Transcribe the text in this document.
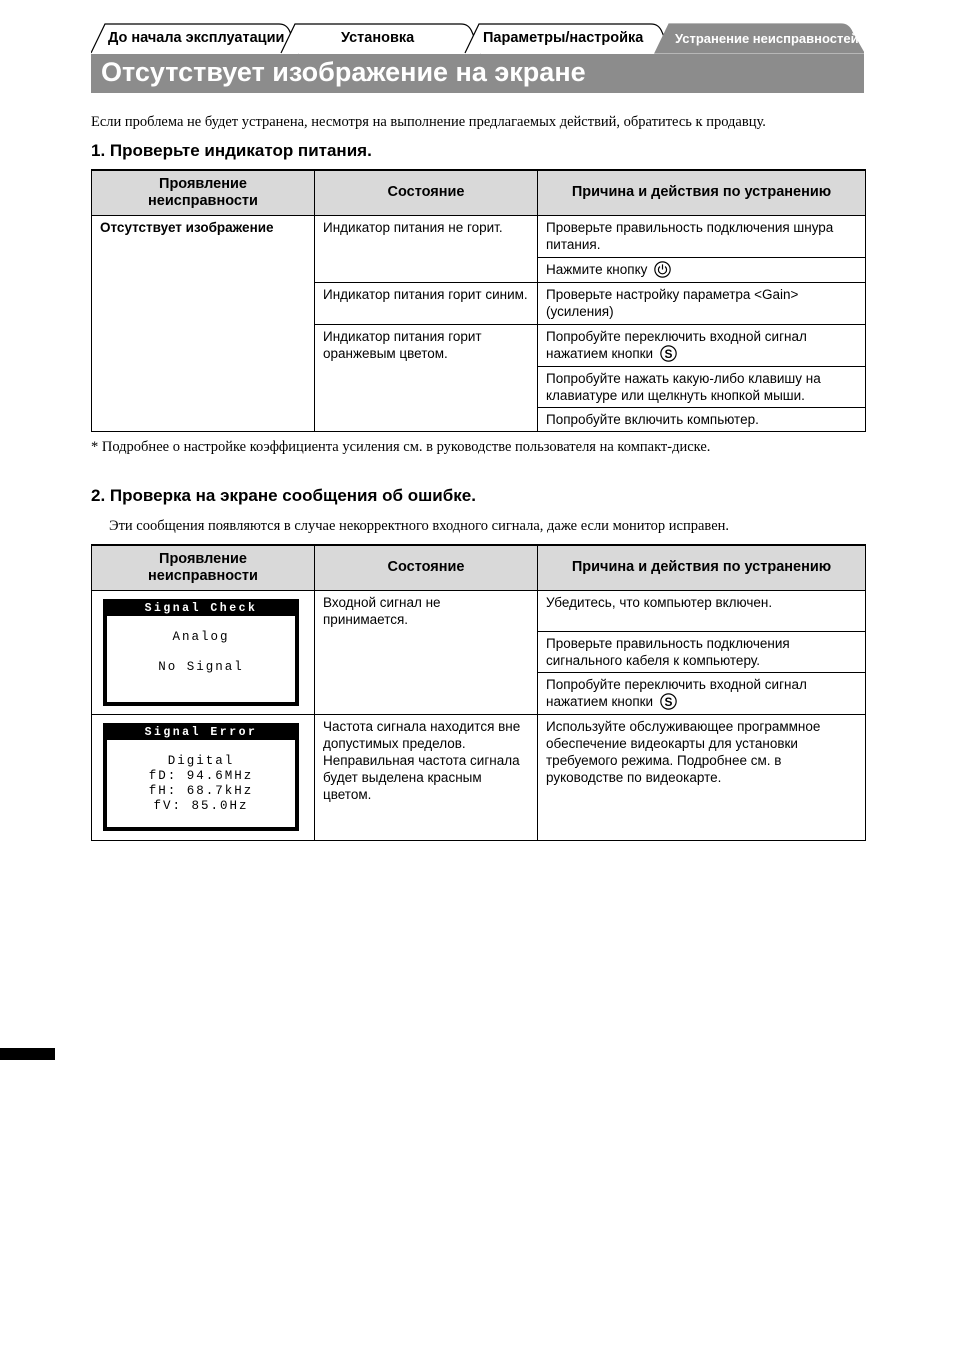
До начала эксплуатации	Установка	Параметры/настройка Устранение неисправностей
Отсутствует изображение на экране
Если проблема не будет устранена, несмотря на выполнение предлагаемых действий, обратитесь к продавцу.
1. Проверьте индикатор питания.
Проявление
неисправности	Состояние	Причина и действия по устранению
Отсутствует изображение	Индикатор питания не горит.	Проверьте правильность подключения шнура питания.
		Нажмите кнопку
	Индикатор питания горит синим.	Проверьте настройку параметра <Gain> (усиления)
	Индикатор питания горит оранжевым цветом.	Попробуйте переключить входной сигнал нажатием кнопки S

		Попробуйте нажать какую-либо клавишу на клавиатуре или щелкнуть кнопкой мыши.
		Попробуйте включить компьютер.
* Подробнее о настройке коэффициента усиления см. в руководстве пользователя на компакт-диске.
2. Проверка на экране сообщения об ошибке.
Эти сообщения появляются в случае некорректного входного сигнала, даже если монитор исправен.
Проявление
неисправности	Состояние	Причина и действия по устранению

Signal Check
Analog
No Signal	Входной сигнал не принимается.	Убедитесь, что компьютер включен.
		Проверьте правильность подключения сигнального кабеля к компьютеру.
		Попробуйте переключить входной сигнал нажатием кнопки S

Signal Error
Digital
fD: 94.6MHz
fH: 68.7kHz
fV: 85.0Hz	Частота сигнала находится вне допустимых пределов. Неправильная частота сигнала будет выделена красным цветом.	Используйте обслуживающее программное обеспечение видеокарты для установки требуемого режима. Подробнее см. в руководстве по видеокарте.
